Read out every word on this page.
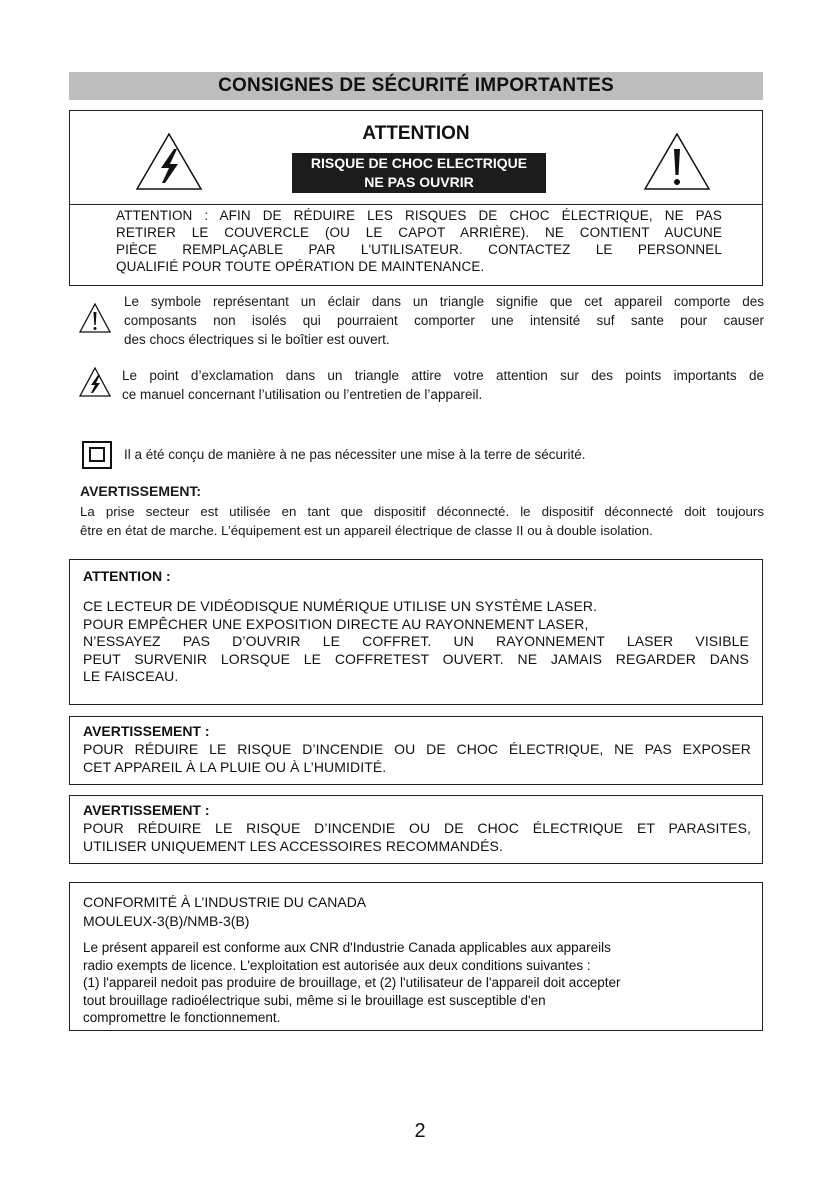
CONSIGNES DE SÉCURITÉ IMPORTANTES
ATTENTION
RISQUE DE CHOC ELECTRIQUE
NE PAS OUVRIR
ATTENTION : AFIN DE RÉDUIRE LES RISQUES DE CHOC ÉLECTRIQUE, NE PAS
RETIRER LE COUVERCLE (OU LE CAPOT ARRIÈRE). NE CONTIENT AUCUNE
PIÈCE REMPLAÇABLE PAR L'UTILISATEUR. CONTACTEZ LE PERSONNEL
QUALIFIÉ POUR TOUTE OPÉRATION DE MAINTENANCE.
Le symbole représentant un éclair dans un triangle signifie que cet appareil comporte des
composants non isolés qui pourraient comporter une intensité suf sante pour causer
des chocs électriques si le boîtier est ouvert.
Le point d’exclamation dans un triangle attire votre attention sur des points importants de
ce manuel concernant l’utilisation ou l’entretien de l’appareil.
Il a été conçu de manière à ne pas nécessiter une mise à la terre de sécurité.
AVERTISSEMENT:
La prise secteur est utilisée en tant que dispositif déconnecté. le dispositif déconnecté doit toujours
être en état de marche. L’équipement est un appareil électrique de classe II ou à double isolation.
ATTENTION :
CE LECTEUR DE VIDÉODISQUE NUMÉRIQUE UTILISE UN SYSTÈME LASER.
POUR EMPÊCHER UNE EXPOSITION DIRECTE AU RAYONNEMENT LASER,
N’ESSAYEZ PAS D’OUVRIR LE COFFRET. UN RAYONNEMENT LASER VISIBLE
PEUT SURVENIR LORSQUE LE COFFRETEST OUVERT. NE JAMAIS REGARDER DANS
LE FAISCEAU.
AVERTISSEMENT :
POUR RÉDUIRE LE RISQUE D’INCENDIE OU DE CHOC ÉLECTRIQUE, NE PAS EXPOSER
CET APPAREIL À LA PLUIE OU À L’HUMIDITÉ.
AVERTISSEMENT :
POUR RÉDUIRE LE RISQUE D’INCENDIE OU DE CHOC ÉLECTRIQUE ET PARASITES,
UTILISER UNIQUEMENT LES ACCESSOIRES RECOMMANDÉS.
CONFORMITÉ À L’INDUSTRIE DU CANADA
MOULEUX-3(B)/NMB-3(B)
Le présent appareil est conforme aux CNR d'Industrie Canada applicables aux appareils
radio exempts de licence. L'exploitation est autorisée aux deux conditions suivantes :
(1) l'appareil nedoit pas produire de brouillage, et (2) l'utilisateur de l'appareil doit accepter
tout brouillage radioélectrique subi, même si le brouillage est susceptible d'en
compromettre le fonctionnement.
2
